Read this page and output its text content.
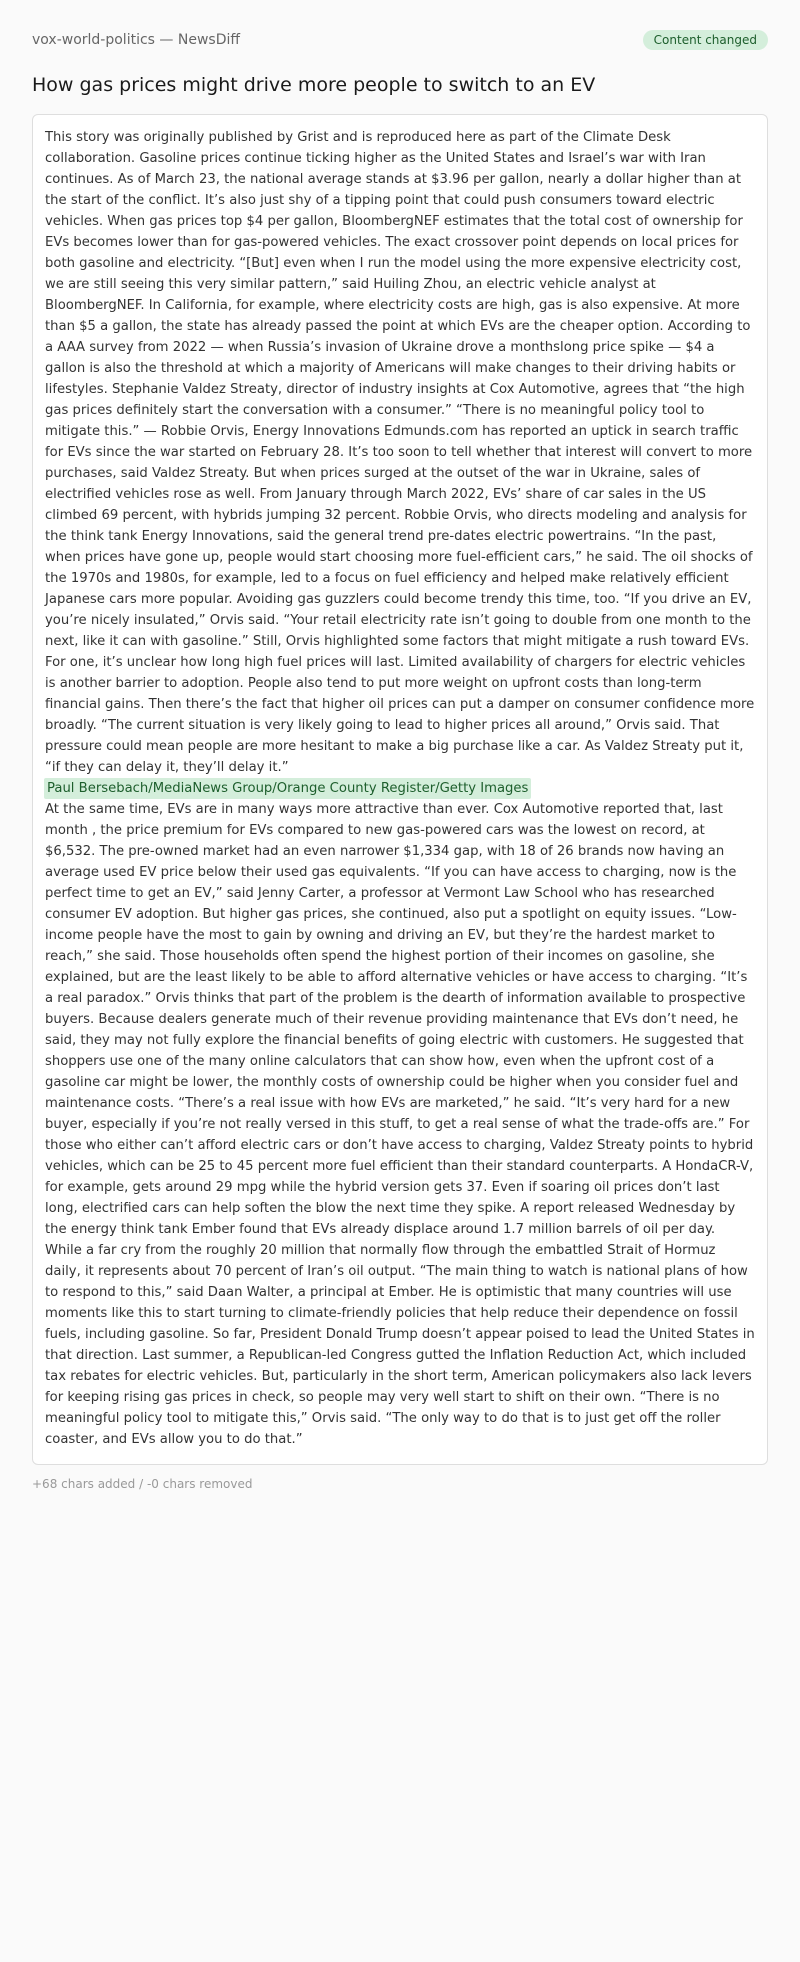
vox-world-politics — NewsDiff	Content changed
How gas prices might drive more people to switch to an EV

This story was originally published by Grist and is reproduced here as part of the Climate Desk collaboration. Gasoline prices continue ticking higher as the United States and Israel’s war with Iran continues. As of March 23, the national average stands at $3.96 per gallon, nearly a dollar higher than at the start of the conflict. It’s also just shy of a tipping point that could push consumers toward electric vehicles. When gas prices top $4 per gallon, BloombergNEF estimates that the total cost of ownership for EVs becomes lower than for gas-powered vehicles. The exact crossover point depends on local prices for both gasoline and electricity. “[But] even when I run the model using the more expensive electricity cost, we are still seeing this very similar pattern,” said Huiling Zhou, an electric vehicle analyst at BloombergNEF. In California, for example, where electricity costs are high, gas is also expensive. At more than $5 a gallon, the state has already passed the point at which EVs are the cheaper option. According to a AAA survey from 2022 — when Russia’s invasion of Ukraine drove a monthslong price spike — $4 a gallon is also the threshold at which a majority of Americans will make changes to their driving habits or lifestyles. Stephanie Valdez Streaty, director of industry insights at Cox Automotive, agrees that “the high gas prices definitely start the conversation with a consumer.” “There is no meaningful policy tool to mitigate this.” — Robbie Orvis, Energy Innovations Edmunds.com has reported an uptick in search traffic for EVs since the war started on February 28. It’s too soon to tell whether that interest will convert to more purchases, said Valdez Streaty. But when prices surged at the outset of the war in Ukraine, sales of electrified vehicles rose as well. From January through March 2022, EVs’ share of car sales in the US climbed 69 percent, with hybrids jumping 32 percent. Robbie Orvis, who directs modeling and analysis for the think tank Energy Innovations, said the general trend pre-dates electric powertrains. “In the past, when prices have gone up, people would start choosing more fuel-efficient cars,” he said. The oil shocks of the 1970s and 1980s, for example, led to a focus on fuel efficiency and helped make relatively efficient Japanese cars more popular. Avoiding gas guzzlers could become trendy this time, too. “If you drive an EV, you’re nicely insulated,” Orvis said. “Your retail electricity rate isn’t going to double from one month to the next, like it can with gasoline.” Still, Orvis highlighted some factors that might mitigate a rush toward EVs. For one, it’s unclear how long high fuel prices will last. Limited availability of chargers for electric vehicles is another barrier to adoption. People also tend to put more weight on upfront costs than long-term financial gains. Then there’s the fact that higher oil prices can put a damper on consumer confidence more broadly. “The current situation is very likely going to lead to higher prices all around,” Orvis said. That pressure could mean people are more hesitant to make a big purchase like a car. As Valdez Streaty put it, “if they can delay it, they’ll delay it.”

Paul Bersebach/MediaNews Group/Orange County Register/Getty Images

At the same time, EVs are in many ways more attractive than ever. Cox Automotive reported that, last month , the price premium for EVs compared to new gas-powered cars was the lowest on record, at $6,532. The pre-owned market had an even narrower $1,334 gap, with 18 of 26 brands now having an average used EV price below their used gas equivalents. “If you can have access to charging, now is the perfect time to get an EV,” said Jenny Carter, a professor at Vermont Law School who has researched consumer EV adoption. But higher gas prices, she continued, also put a spotlight on equity issues. “Low-income people have the most to gain by owning and driving an EV, but they’re the hardest market to reach,” she said. Those households often spend the highest portion of their incomes on gasoline, she explained, but are the least likely to be able to afford alternative vehicles or have access to charging. “It’s a real paradox.” Orvis thinks that part of the problem is the dearth of information available to prospective buyers. Because dealers generate much of their revenue providing maintenance that EVs don’t need, he said, they may not fully explore the financial benefits of going electric with customers. He suggested that shoppers use one of the many online calculators that can show how, even when the upfront cost of a gasoline car might be lower, the monthly costs of ownership could be higher when you consider fuel and maintenance costs. “There’s a real issue with how EVs are marketed,” he said. “It’s very hard for a new buyer, especially if you’re not really versed in this stuff, to get a real sense of what the trade-offs are.” For those who either can’t afford electric cars or don’t have access to charging, Valdez Streaty points to hybrid vehicles, which can be 25 to 45 percent more fuel efficient than their standard counterparts. A HondaCR-V, for example, gets around 29 mpg while the hybrid version gets 37. Even if soaring oil prices don’t last long, electrified cars can help soften the blow the next time they spike. A report released Wednesday by the energy think tank Ember found that EVs already displace around 1.7 million barrels of oil per day. While a far cry from the roughly 20 million that normally flow through the embattled Strait of Hormuz daily, it represents about 70 percent of Iran’s oil output. “The main thing to watch is national plans of how to respond to this,” said Daan Walter, a principal at Ember. He is optimistic that many countries will use moments like this to start turning to climate-friendly policies that help reduce their dependence on fossil fuels, including gasoline. So far, President Donald Trump doesn’t appear poised to lead the United States in that direction. Last summer, a Republican-led Congress gutted the Inflation Reduction Act, which included tax rebates for electric vehicles. But, particularly in the short term, American policymakers also lack levers for keeping rising gas prices in check, so people may very well start to shift on their own. “There is no meaningful policy tool to mitigate this,” Orvis said. “The only way to do that is to just get off the roller coaster, and EVs allow you to do that.”

+68 chars added / -0 chars removed
